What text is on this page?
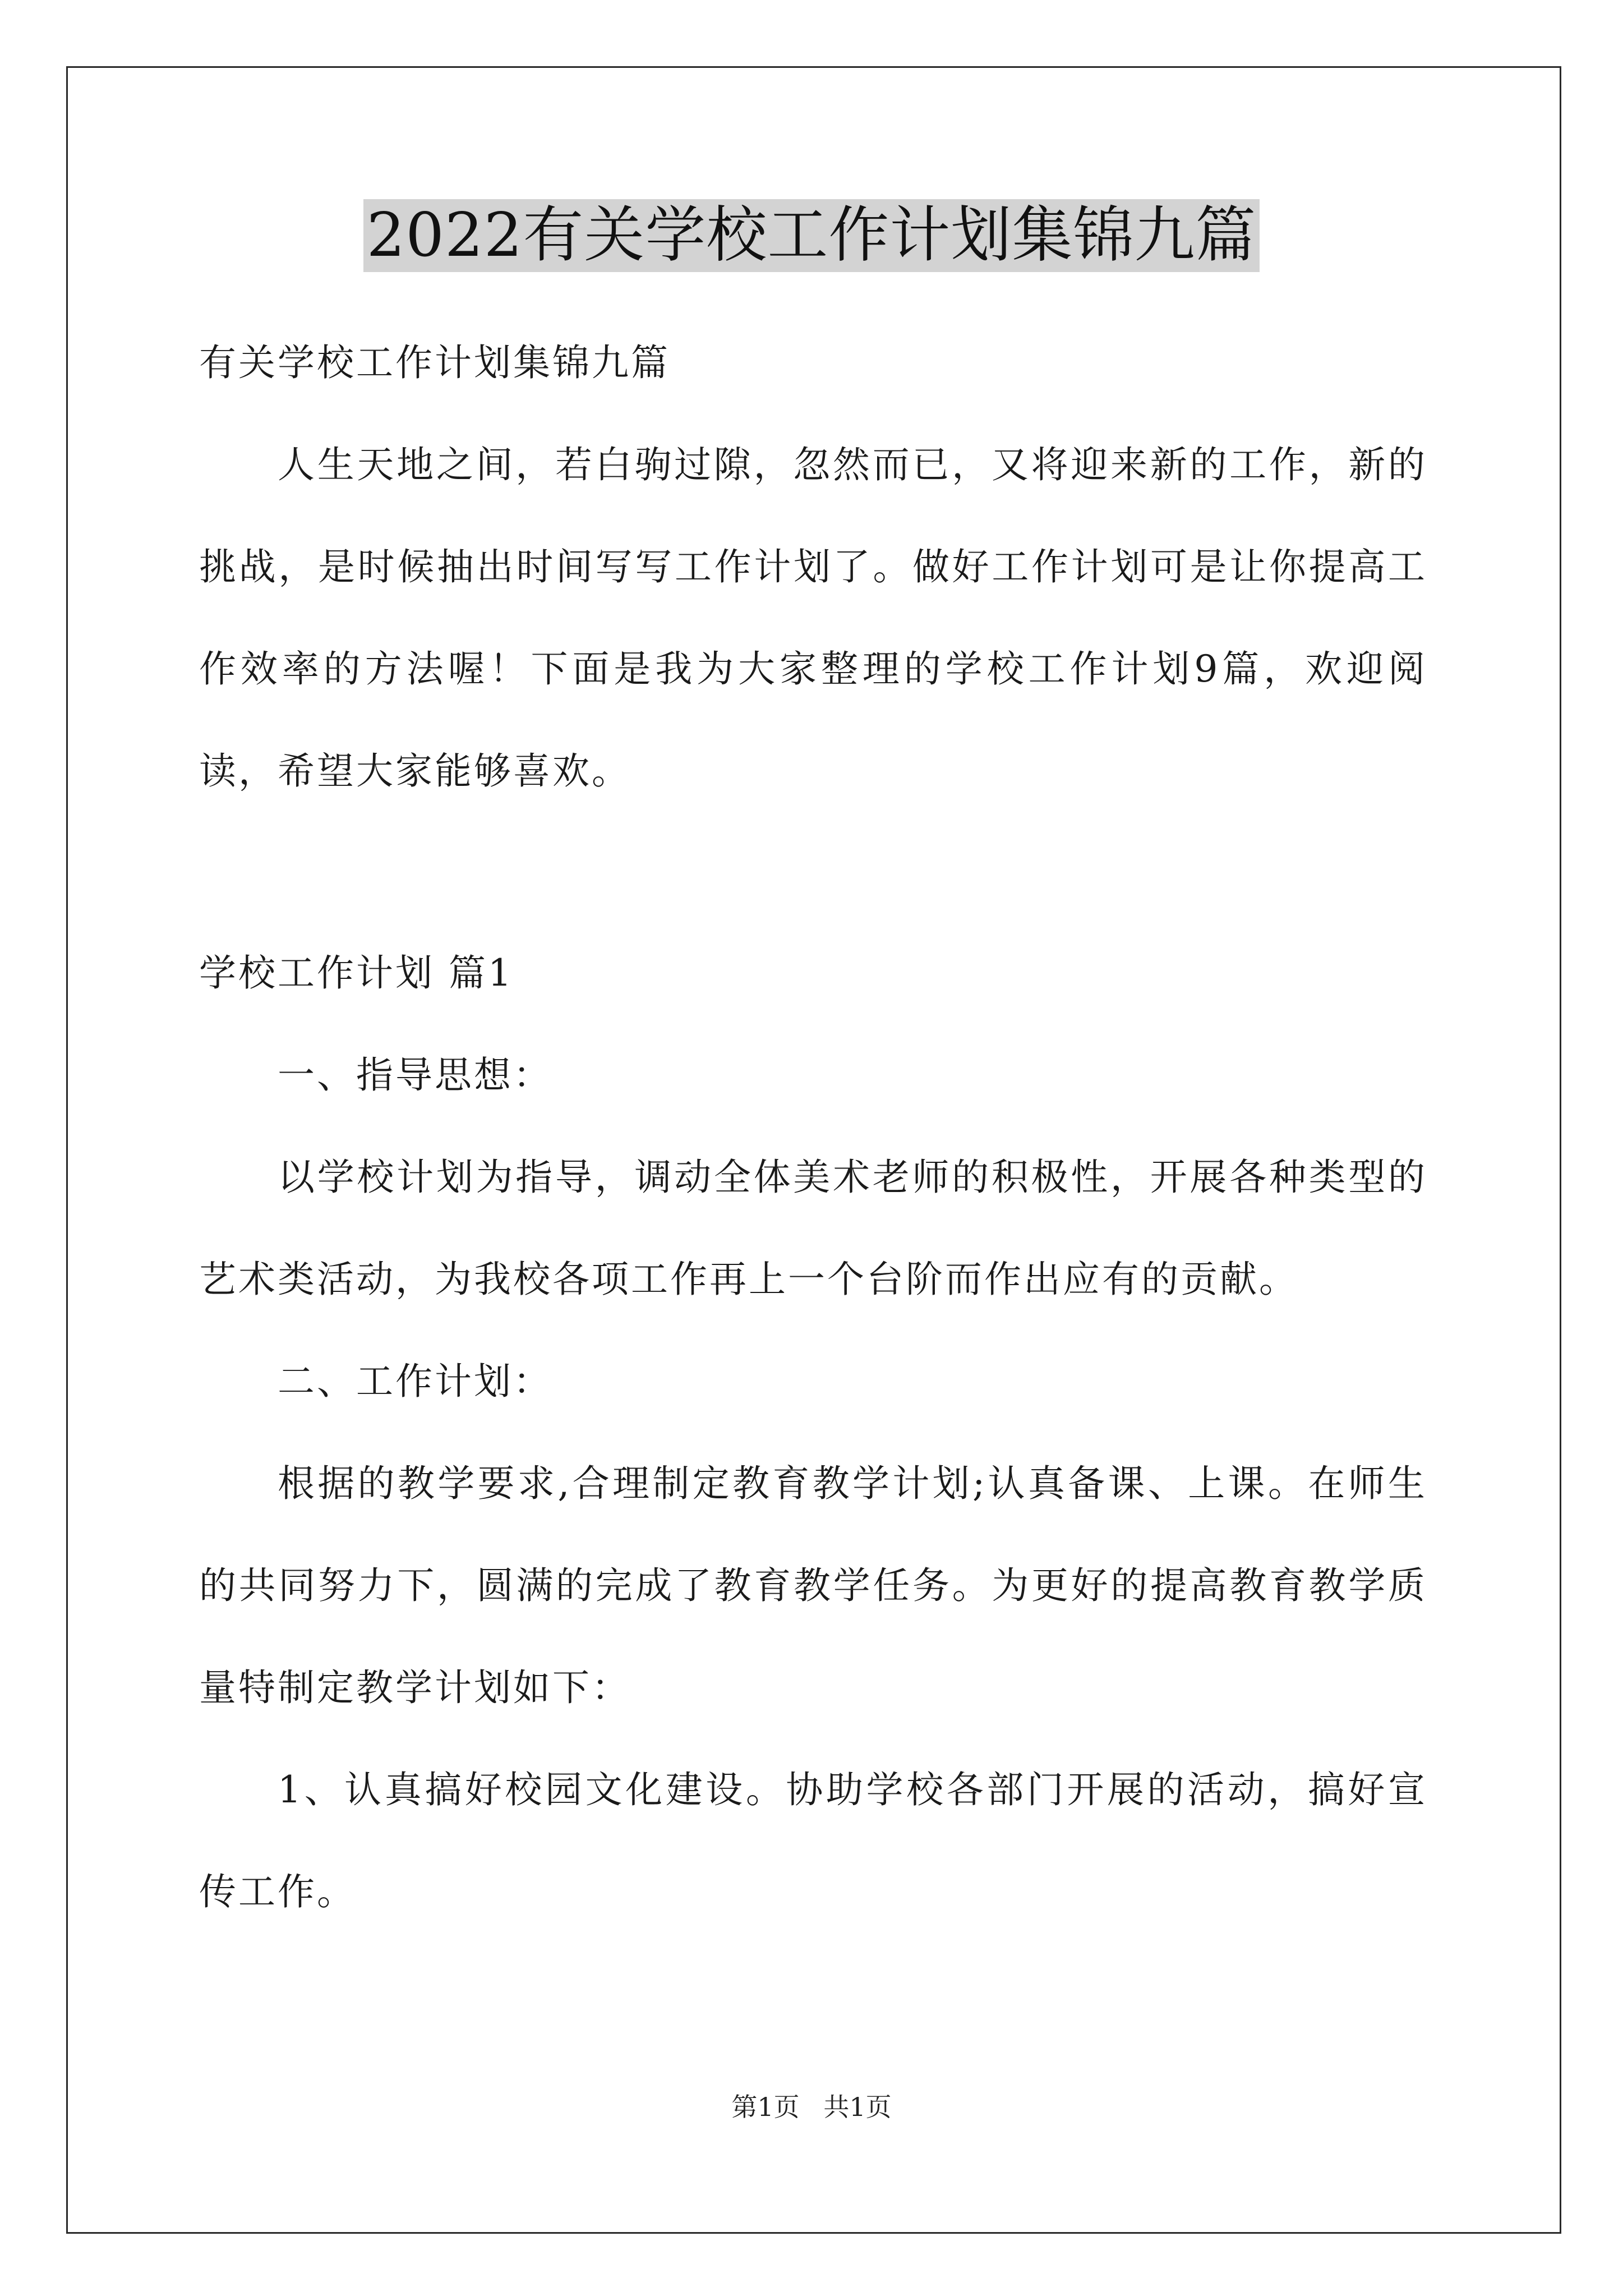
2022有关学校工作计划集锦九篇

有关学校工作计划集锦九篇

人生天地之间，若白驹过隙，忽然而已，又将迎来新的工作，新的挑战，是时候抽出时间写写工作计划了。做好工作计划可是让你提高工作效率的方法喔！下面是我为大家整理的学校工作计划9篇，欢迎阅读，希望大家能够喜欢。

学校工作计划 篇1

一、指导思想：

以学校计划为指导，调动全体美术老师的积极性，开展各种类型的艺术类活动，为我校各项工作再上一个台阶而作出应有的贡献。

二、工作计划：

根据的教学要求,合理制定教育教学计划;认真备课、上课。在师生的共同努力下，圆满的完成了教育教学任务。为更好的提高教育教学质量特制定教学计划如下：

1、认真搞好校园文化建设。协助学校各部门开展的活动，搞好宣传工作。

第1页 共1页
